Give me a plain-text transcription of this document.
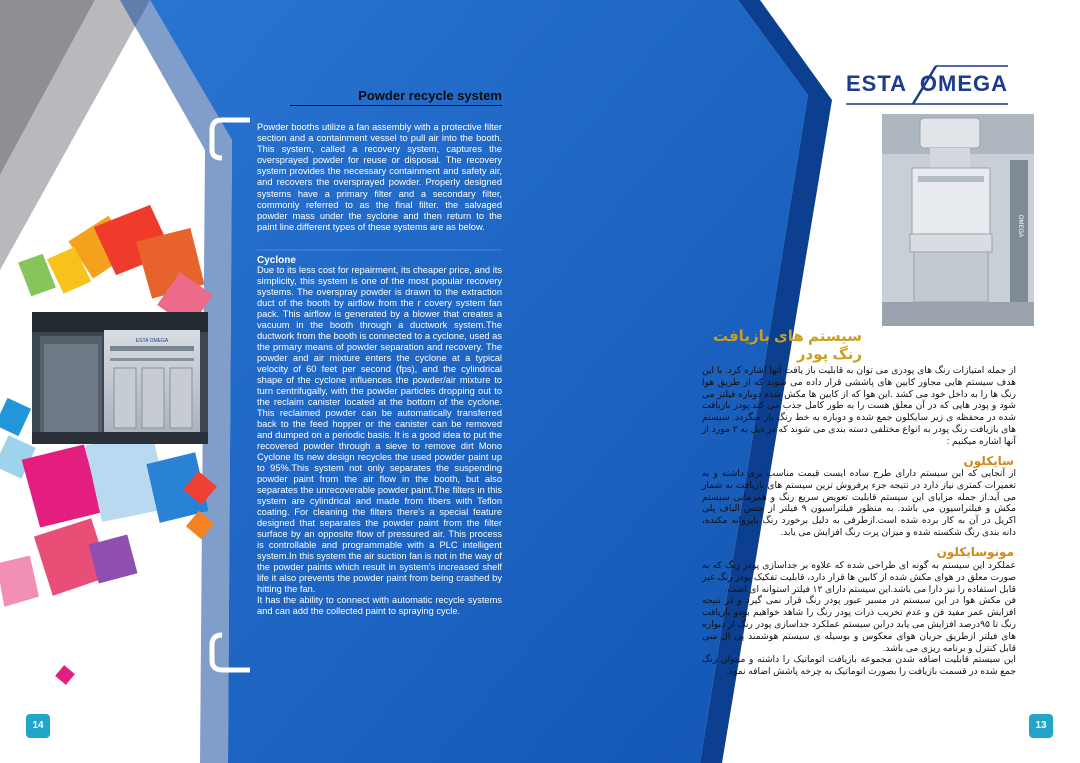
ESTA OMEGA
OMEGA
Powder recycle system
Powder booths utilize a fan assembly with a protective filter section and a containment vessel to pull air into the booth. This system, called a recovery system, captures the oversprayed powder for reuse or disposal. The recovery system provides the necessary containment and safety air, and recovers the oversprayed powder. Properly designed systems have a primary filter and a secondary filter, commonly referred to as the final filter. the salvaged powder mass under the syclone and then return to the paint line.different types of these systems are as below.
Cyclone

Due to its less cost for repairment, its cheaper price, and its simplicity, this system is one of the most popular recovery systems. The overspray powder is drawn to the extraction duct of the booth by airflow from the r covery system fan pack. This airflow is generated by a blower that creates a vacuum in the booth through a ductwork system.The ductwork from the booth is connected to a cyclone, used as the prmary means of powder separation and recovery. The powder and air mixture enters the cyclone at a typical velocity of 60 feet per second (fps), and the cylindrical shape of the cyclone influences the powder/air mixture to turn centrifugally, with the powder particles dropping out to the reclaim canister located at the bottom of the cyclone. This reclaimed powder can be automatically transferred back to the feed hopper or the canister can be removed and dumped on a periodic basis. It is a good idea to put the recovered powder through a sieve to remove dirt Mono Cyclone Its new design recycles the used powder paint up to 95%.This system not only separates the suspending powder paint from the air flow in the booth, but also separates the unrecoverable powder paint.The filters in this system are cylindrical and made from fibers with Teflon coating. For cleaning the filters there's a special feature designed that separates the powder paint from the filter surface by an opposite flow of pressured air. This process is controllable and programmable with a PLC intelligent system.In this system the air suction fan is not in the way of the powder paints which result in system's increased shelf life it also prevents the powder paint from being crashed by hitting the fan.

It has the ability to connect with automatic recycle systems and can add the collected paint to spraying cycle.

14
ESTA OMEGA
سیستم های بازیافت رنگ پودر

از جمله امتیازات رنگ های پودری می توان به قابلیت باز یافت آنها اشاره کرد. با این هدف سیستم هایی مجاور کابین های پاششی قرار داده می شوند که از طریق هوا رنگ ها را به داخل خود می کشد .این هوا که از کابین ها مکش شده دوباره فیلتر می شود و پودر هایی که در آن معلق هست را به طور کامل جذب می کند.پودر بازیافت شده در محفظه ی زیر سایکلون جمع شده و دوباره به خط رنگ باز میگردد. سیستم های بازیافت رنگ پودر به انواع مختلفی دسته بندی می شوند که در ذیل به ۲ مورد از آنها اشاره میکنیم :

سایکلون

از آنجایی که این سیستم دارای طرح ساده ایست قیمت مناسب تری داشته و به تعمیرات کمتری نیاز دارد در نتیجه جزء پرفروش ترین سیستم های بازیافت به شمار می آید.از جمله مزایای این سیستم قابلیت تعویض سریع رنگ و همزمانی سیستم مکش و فیلتراسیون می باشد. به منظور فیلتراسیون ۹ فیلتر از جنس الیاف پلی اکریل در آن به کار برده شده است.ازطرفی به دلیل برخورد رنگ باپروانه مکنده، دانه بندی رنگ شکسته شده و میزان پرت رنگ افزایش می یابد.

مونوسایکلون

عملکرد این سیستم به گونه ای طراحی شده که علاوه بر جداسازی پودر رنگ که به صورت معلق در هوای مکش شده از کابین ها قرار دارد، قابلیت تفکیک پودر رنگ غیر قابل استفاده را نیز دارا می باشد.این سیستم دارای ۱۲ فیلتر استوانه ای است.

فن مکش هوا در این سیستم در مسیر عبور پودر رنگ قرار نمی گیرد و در نتیجه افزایش عمر مفید فن و عدم تخریب ذرات پودر رنگ را شاهد خواهیم بودو بازیافت رنگ تا ۹۵درصد افزایش می یابد دراین سیستم عملکرد جداسازی پودر رنگ از دیواره های فیلتر ازطریق جریان هوای معکوس و بوسیله ی سیستم هوشمند پی ال سی قابل کنترل و برنامه ریزی می باشد.

این سیستم قابلیت اضافه شدن مجموعه بازیافت اتوماتیک را داشته و میتوان رنگ جمع شده در قسمت بازیافت را بصورت اتوماتیک به چرخه پاشش اضافه نمود.

13
